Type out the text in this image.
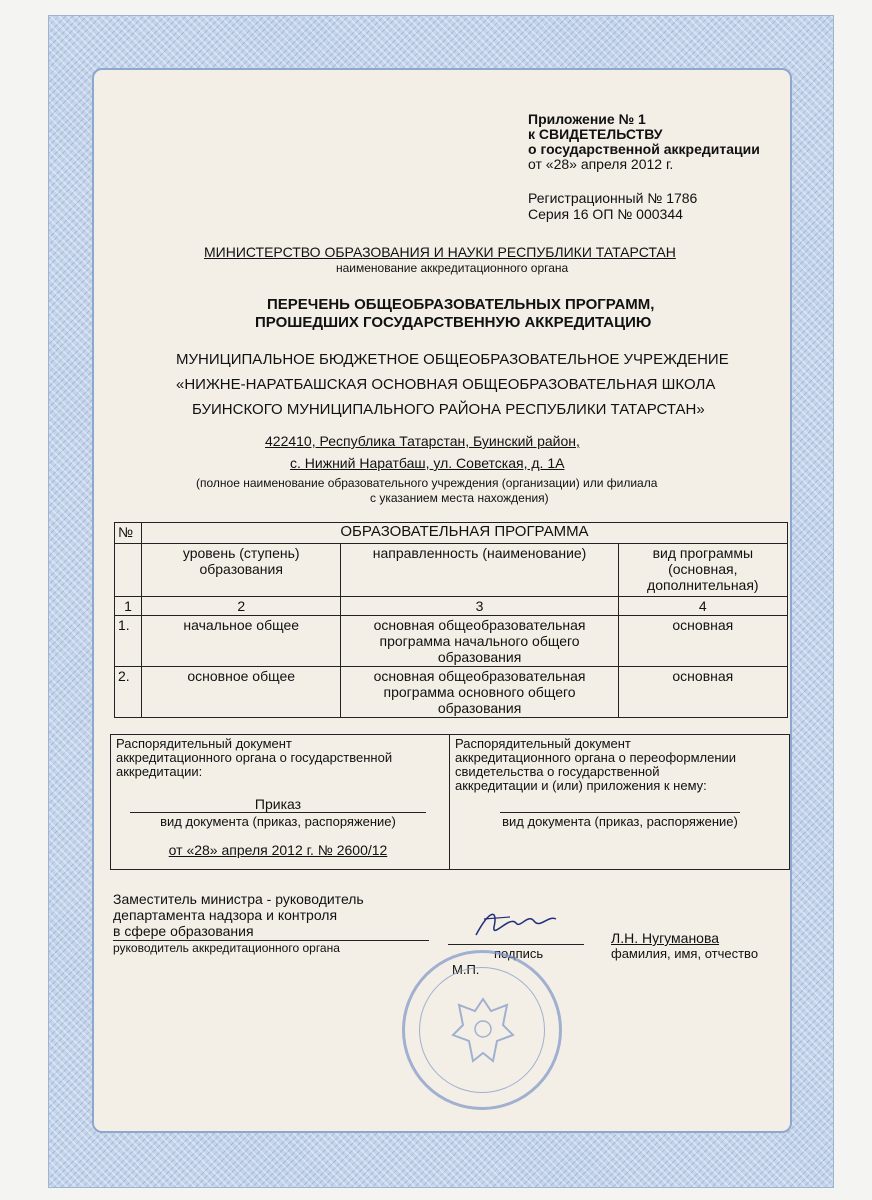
Приложение № 1
к СВИДЕТЕЛЬСТВУ
о государственной аккредитации
от «28» апреля 2012 г.
Регистрационный № 1786
Серия 16 ОП № 000344
МИНИСТЕРСТВО ОБРАЗОВАНИЯ И НАУКИ РЕСПУБЛИКИ ТАТАРСТАН
наименование аккредитационного органа
ПЕРЕЧЕНЬ ОБЩЕОБРАЗОВАТЕЛЬНЫХ ПРОГРАММ,
ПРОШЕДШИХ ГОСУДАРСТВЕННУЮ АККРЕДИТАЦИЮ
МУНИЦИПАЛЬНОЕ БЮДЖЕТНОЕ ОБЩЕОБРАЗОВАТЕЛЬНОЕ УЧРЕЖДЕНИЕ
«НИЖНЕ-НАРАТБАШСКАЯ ОСНОВНАЯ ОБЩЕОБРАЗОВАТЕЛЬНАЯ ШКОЛА
БУИНСКОГО МУНИЦИПАЛЬНОГО РАЙОНА РЕСПУБЛИКИ ТАТАРСТАН»
422410, Республика Татарстан, Буинский район,
с. Нижний Наратбаш, ул. Советская, д. 1А
(полное наименование образовательного учреждения (организации) или филиала
с указанием места нахождения)
№	ОБРАЗОВАТЕЛЬНАЯ ПРОГРАММА		
	уровень (ступень) образования	направленность (наименование)	вид программы (основная, дополнительная)
1	2	3	4
1.	начальное общее	основная общеобразовательная программа начального общего образования	основная
2.	основное общее	основная общеобразовательная программа основного общего образования	основная
Распорядительный документ
аккредитационного органа о государственной
аккредитации:
Приказ
вид документа (приказ, распоряжение)
от «28» апреля 2012 г. № 2600/12
Распорядительный документ
аккредитационного органа о переоформлении
свидетельства о государственной
аккредитации и (или) приложения к нему:
вид документа (приказ, распоряжение)
Заместитель министра - руководитель
департамента надзора и контроля
в сфере образования
руководитель аккредитационного органа	подпись
М.П.
Л.Н. Нугуманова
фамилия, имя, отчество
